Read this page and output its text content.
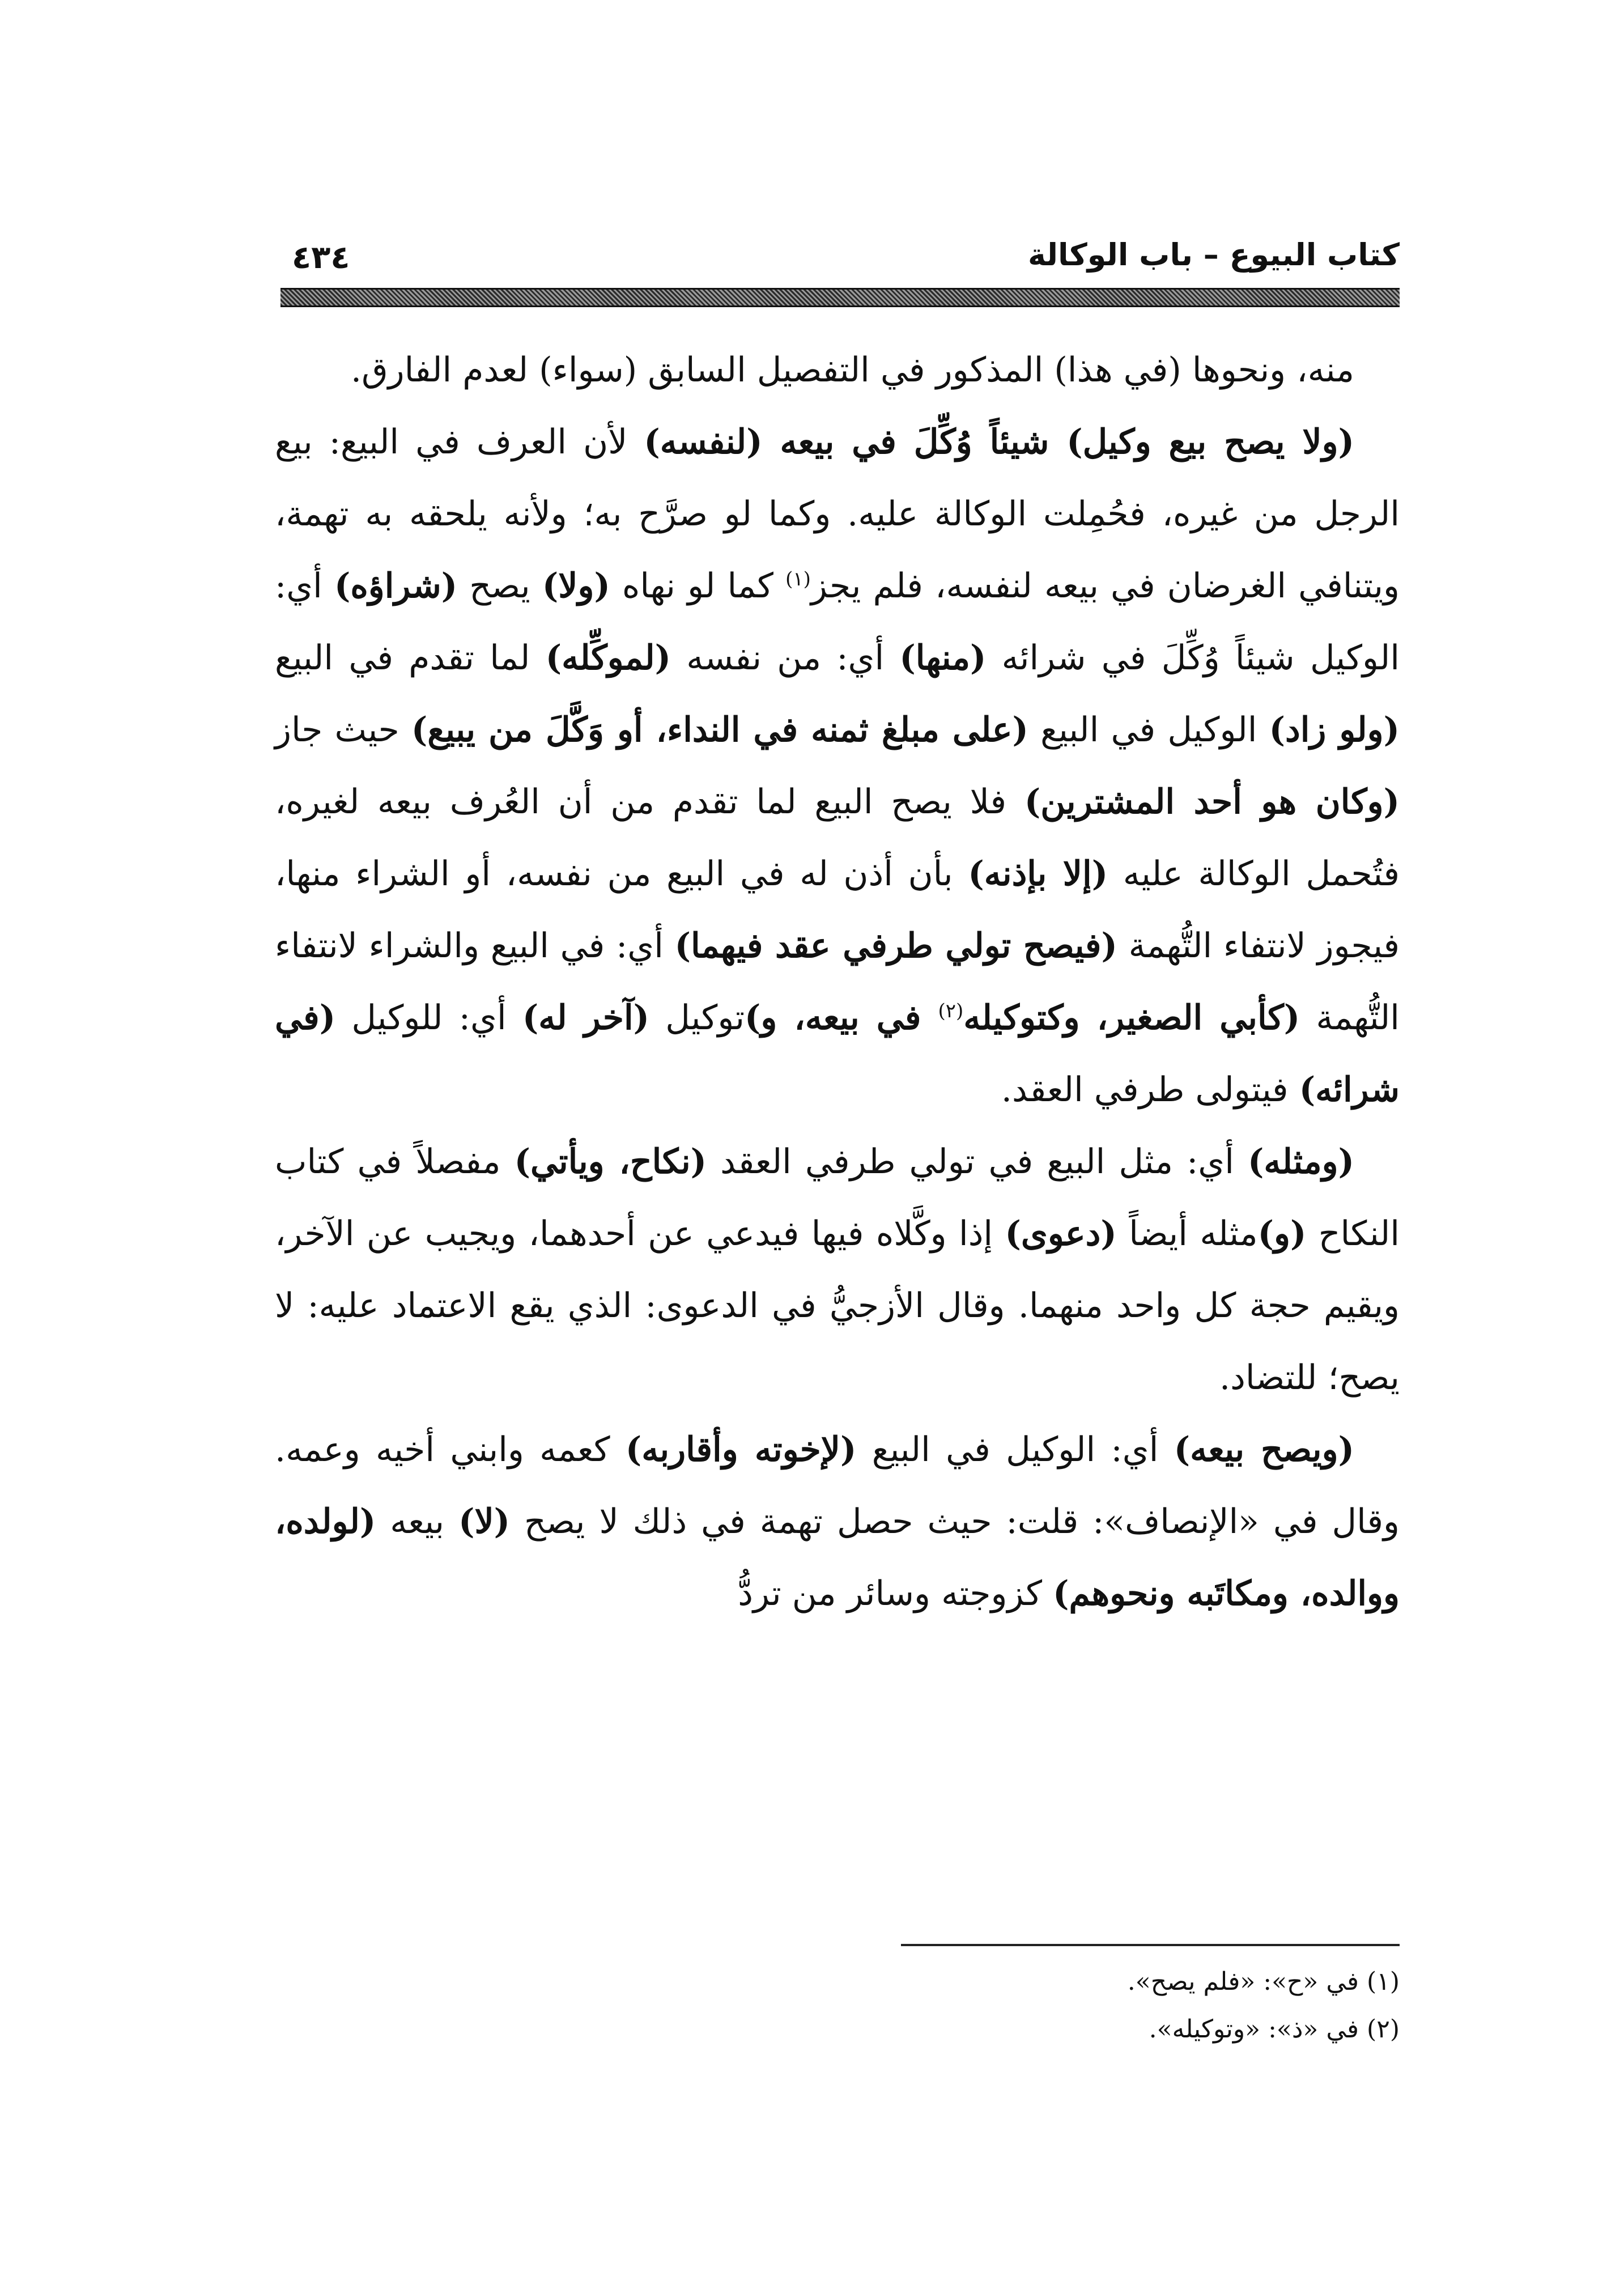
كتاب البيوع – باب الوكالة
٤٣٤

منه، ونحوها (في هذا) المذكور في التفصيل السابق (سواء) لعدم الفارق.

(ولا يصح بيع وكيل) شيئاً وُكِّلَ في بيعه (لنفسه) لأن العرف في البيع: بيع الرجل من غيره، فحُمِلت الوكالة عليه. وكما لو صرَّح به؛ ولأنه يلحقه به تهمة، ويتنافي الغرضان في بيعه لنفسه، فلم يجز$^{(١)}$ كما لو نهاه (ولا) يصح (شراؤه) أي: الوكيل شيئاً وُكِّلَ في شرائه (منها) أي: من نفسه (لموكِّله) لما تقدم في البيع (ولو زاد) الوكيل في البيع (على مبلغ ثمنه في النداء، أو وَكَّلَ من يبيع) حيث جاز (وكان هو أحد المشترين) فلا يصح البيع لما تقدم من أن العُرف بيعه لغيره، فتُحمل الوكالة عليه (إلا بإذنه) بأن أذن له في البيع من نفسه، أو الشراء منها، فيجوز لانتفاء التُّهمة (فيصح تولي طرفي عقد فيهما) أي: في البيع والشراء لانتفاء التُّهمة (كأبي الصغير، وكتوكيله$^{(٢)}$ في بيعه، و)توكيل (آخر له) أي: للوكيل (في شرائه) فيتولى طرفي العقد.

(ومثله) أي: مثل البيع في تولي طرفي العقد (نكاح، ويأتي) مفصلاً في كتاب النكاح (و)مثله أيضاً (دعوى) إذا وكَّلاه فيها فيدعي عن أحدهما، ويجيب عن الآخر، ويقيم حجة كل واحد منهما. وقال الأزجيُّ في الدعوى: الذي يقع الاعتماد عليه: لا يصح؛ للتضاد.

(ويصح بيعه) أي: الوكيل في البيع (لإخوته وأقاربه) كعمه وابني أخيه وعمه. وقال في «الإنصاف»: قلت: حيث حصل تهمة في ذلك لا يصح (لا) بيعه (لولده، ووالده، ومكاتَبه ونحوهم) كزوجته وسائر من تردُّ

(١) في «ح»: «فلم يصح».
(٢) في «ذ»: «وتوكيله».
